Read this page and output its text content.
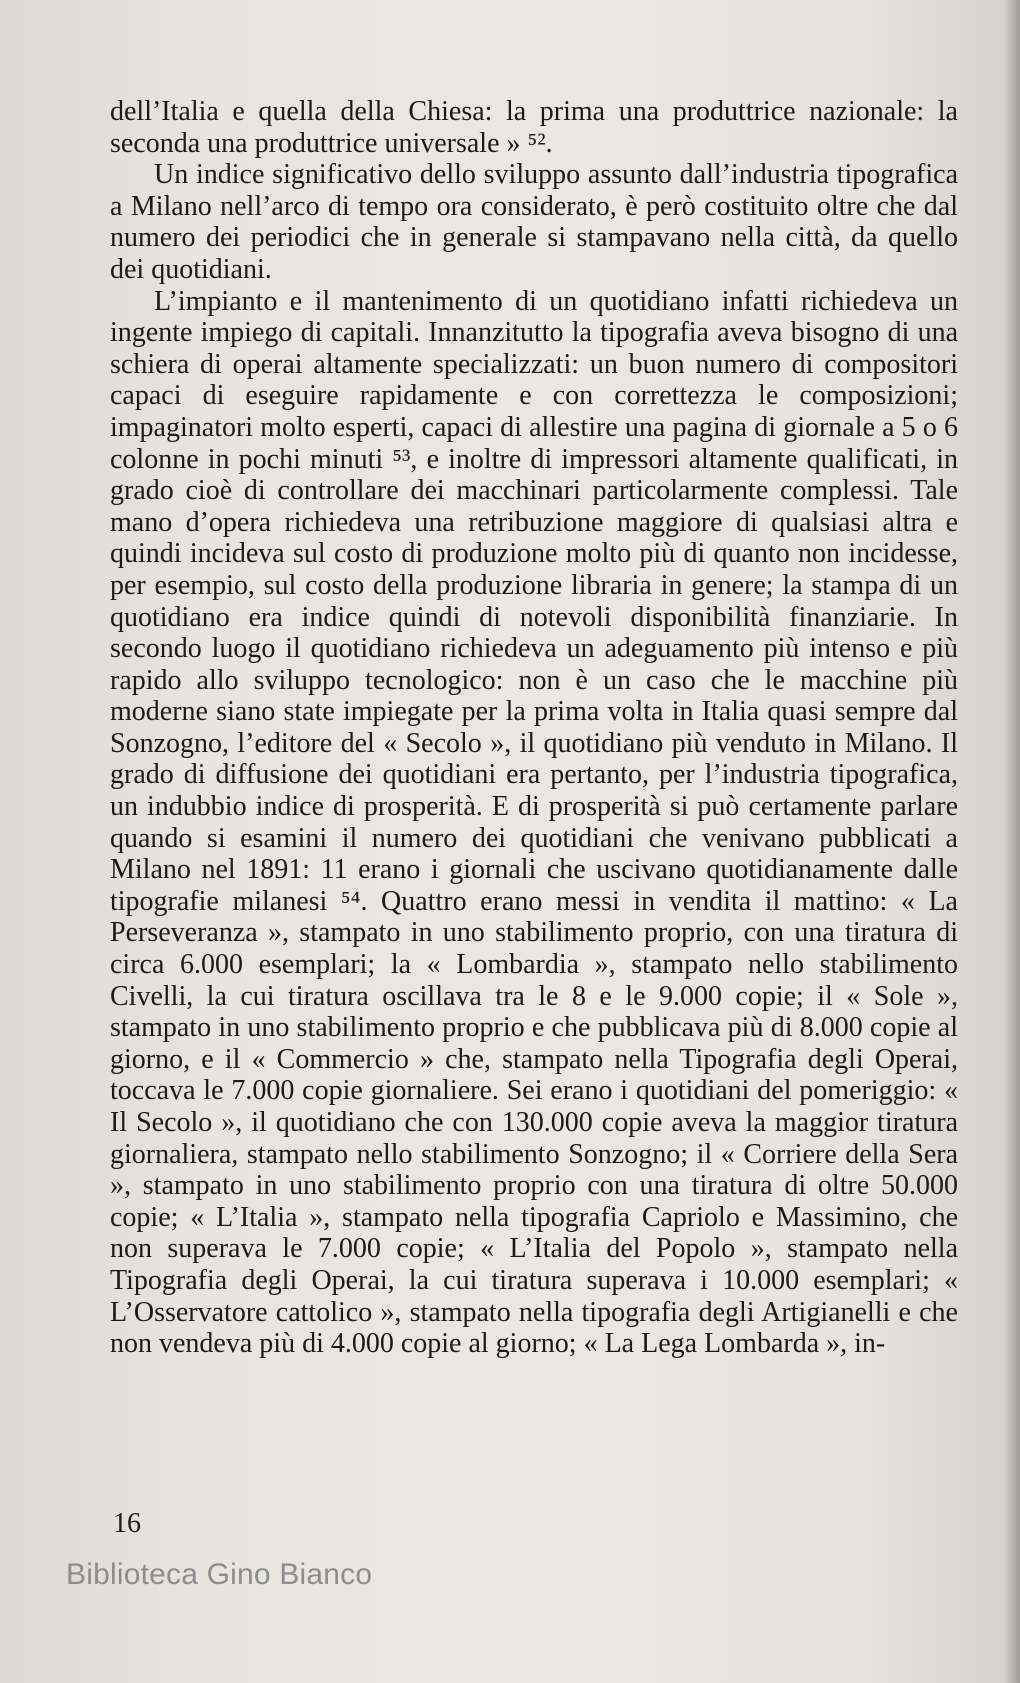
dell’Italia e quella della Chiesa: la prima una produttrice nazionale: la seconda una produttrice universale » ⁵².

Un indice significativo dello sviluppo assunto dall’industria tipografica a Milano nell’arco di tempo ora considerato, è però costituito oltre che dal numero dei periodici che in generale si stampavano nella città, da quello dei quotidiani.

L’impianto e il mantenimento di un quotidiano infatti richiedeva un ingente impiego di capitali. Innanzitutto la tipografia aveva bisogno di una schiera di operai altamente specializzati: un buon numero di compositori capaci di eseguire rapidamente e con correttezza le composizioni; impaginatori molto esperti, capaci di allestire una pagina di giornale a 5 o 6 colonne in pochi minuti ⁵³, e inoltre di impressori altamente qualificati, in grado cioè di controllare dei macchinari particolarmente complessi. Tale mano d’opera richiedeva una retribuzione maggiore di qualsiasi altra e quindi incideva sul costo di produzione molto più di quanto non incidesse, per esempio, sul costo della produzione libraria in genere; la stampa di un quotidiano era indice quindi di notevoli disponibilità finanziarie. In secondo luogo il quotidiano richiedeva un adeguamento più intenso e più rapido allo sviluppo tecnologico: non è un caso che le macchine più moderne siano state impiegate per la prima volta in Italia quasi sempre dal Sonzogno, l’editore del « Secolo », il quotidiano più venduto in Milano. Il grado di diffusione dei quotidiani era pertanto, per l’industria tipografica, un indubbio indice di prosperità. E di prosperità si può certamente parlare quando si esamini il numero dei quotidiani che venivano pubblicati a Milano nel 1891: 11 erano i giornali che uscivano quotidianamente dalle tipografie milanesi ⁵⁴. Quattro erano messi in vendita il mattino: « La Perseveranza », stampato in uno stabilimento proprio, con una tiratura di circa 6.000 esemplari; la « Lombardia », stampato nello stabilimento Civelli, la cui tiratura oscillava tra le 8 e le 9.000 copie; il « Sole », stampato in uno stabilimento proprio e che pubblicava più di 8.000 copie al giorno, e il « Commercio » che, stampato nella Tipografia degli Operai, toccava le 7.000 copie giornaliere. Sei erano i quotidiani del pomeriggio: « Il Secolo », il quotidiano che con 130.000 copie aveva la maggior tiratura giornaliera, stampato nello stabilimento Sonzogno; il « Corriere della Sera », stampato in uno stabilimento proprio con una tiratura di oltre 50.000 copie; « L’Italia », stampato nella tipografia Capriolo e Massimino, che non superava le 7.000 copie; « L’Italia del Popolo », stampato nella Tipografia degli Operai, la cui tiratura superava i 10.000 esemplari; « L’Osservatore cattolico », stampato nella tipografia degli Artigianelli e che non vendeva più di 4.000 copie al giorno; « La Lega Lombarda », in-

16
Biblioteca Gino Bianco
